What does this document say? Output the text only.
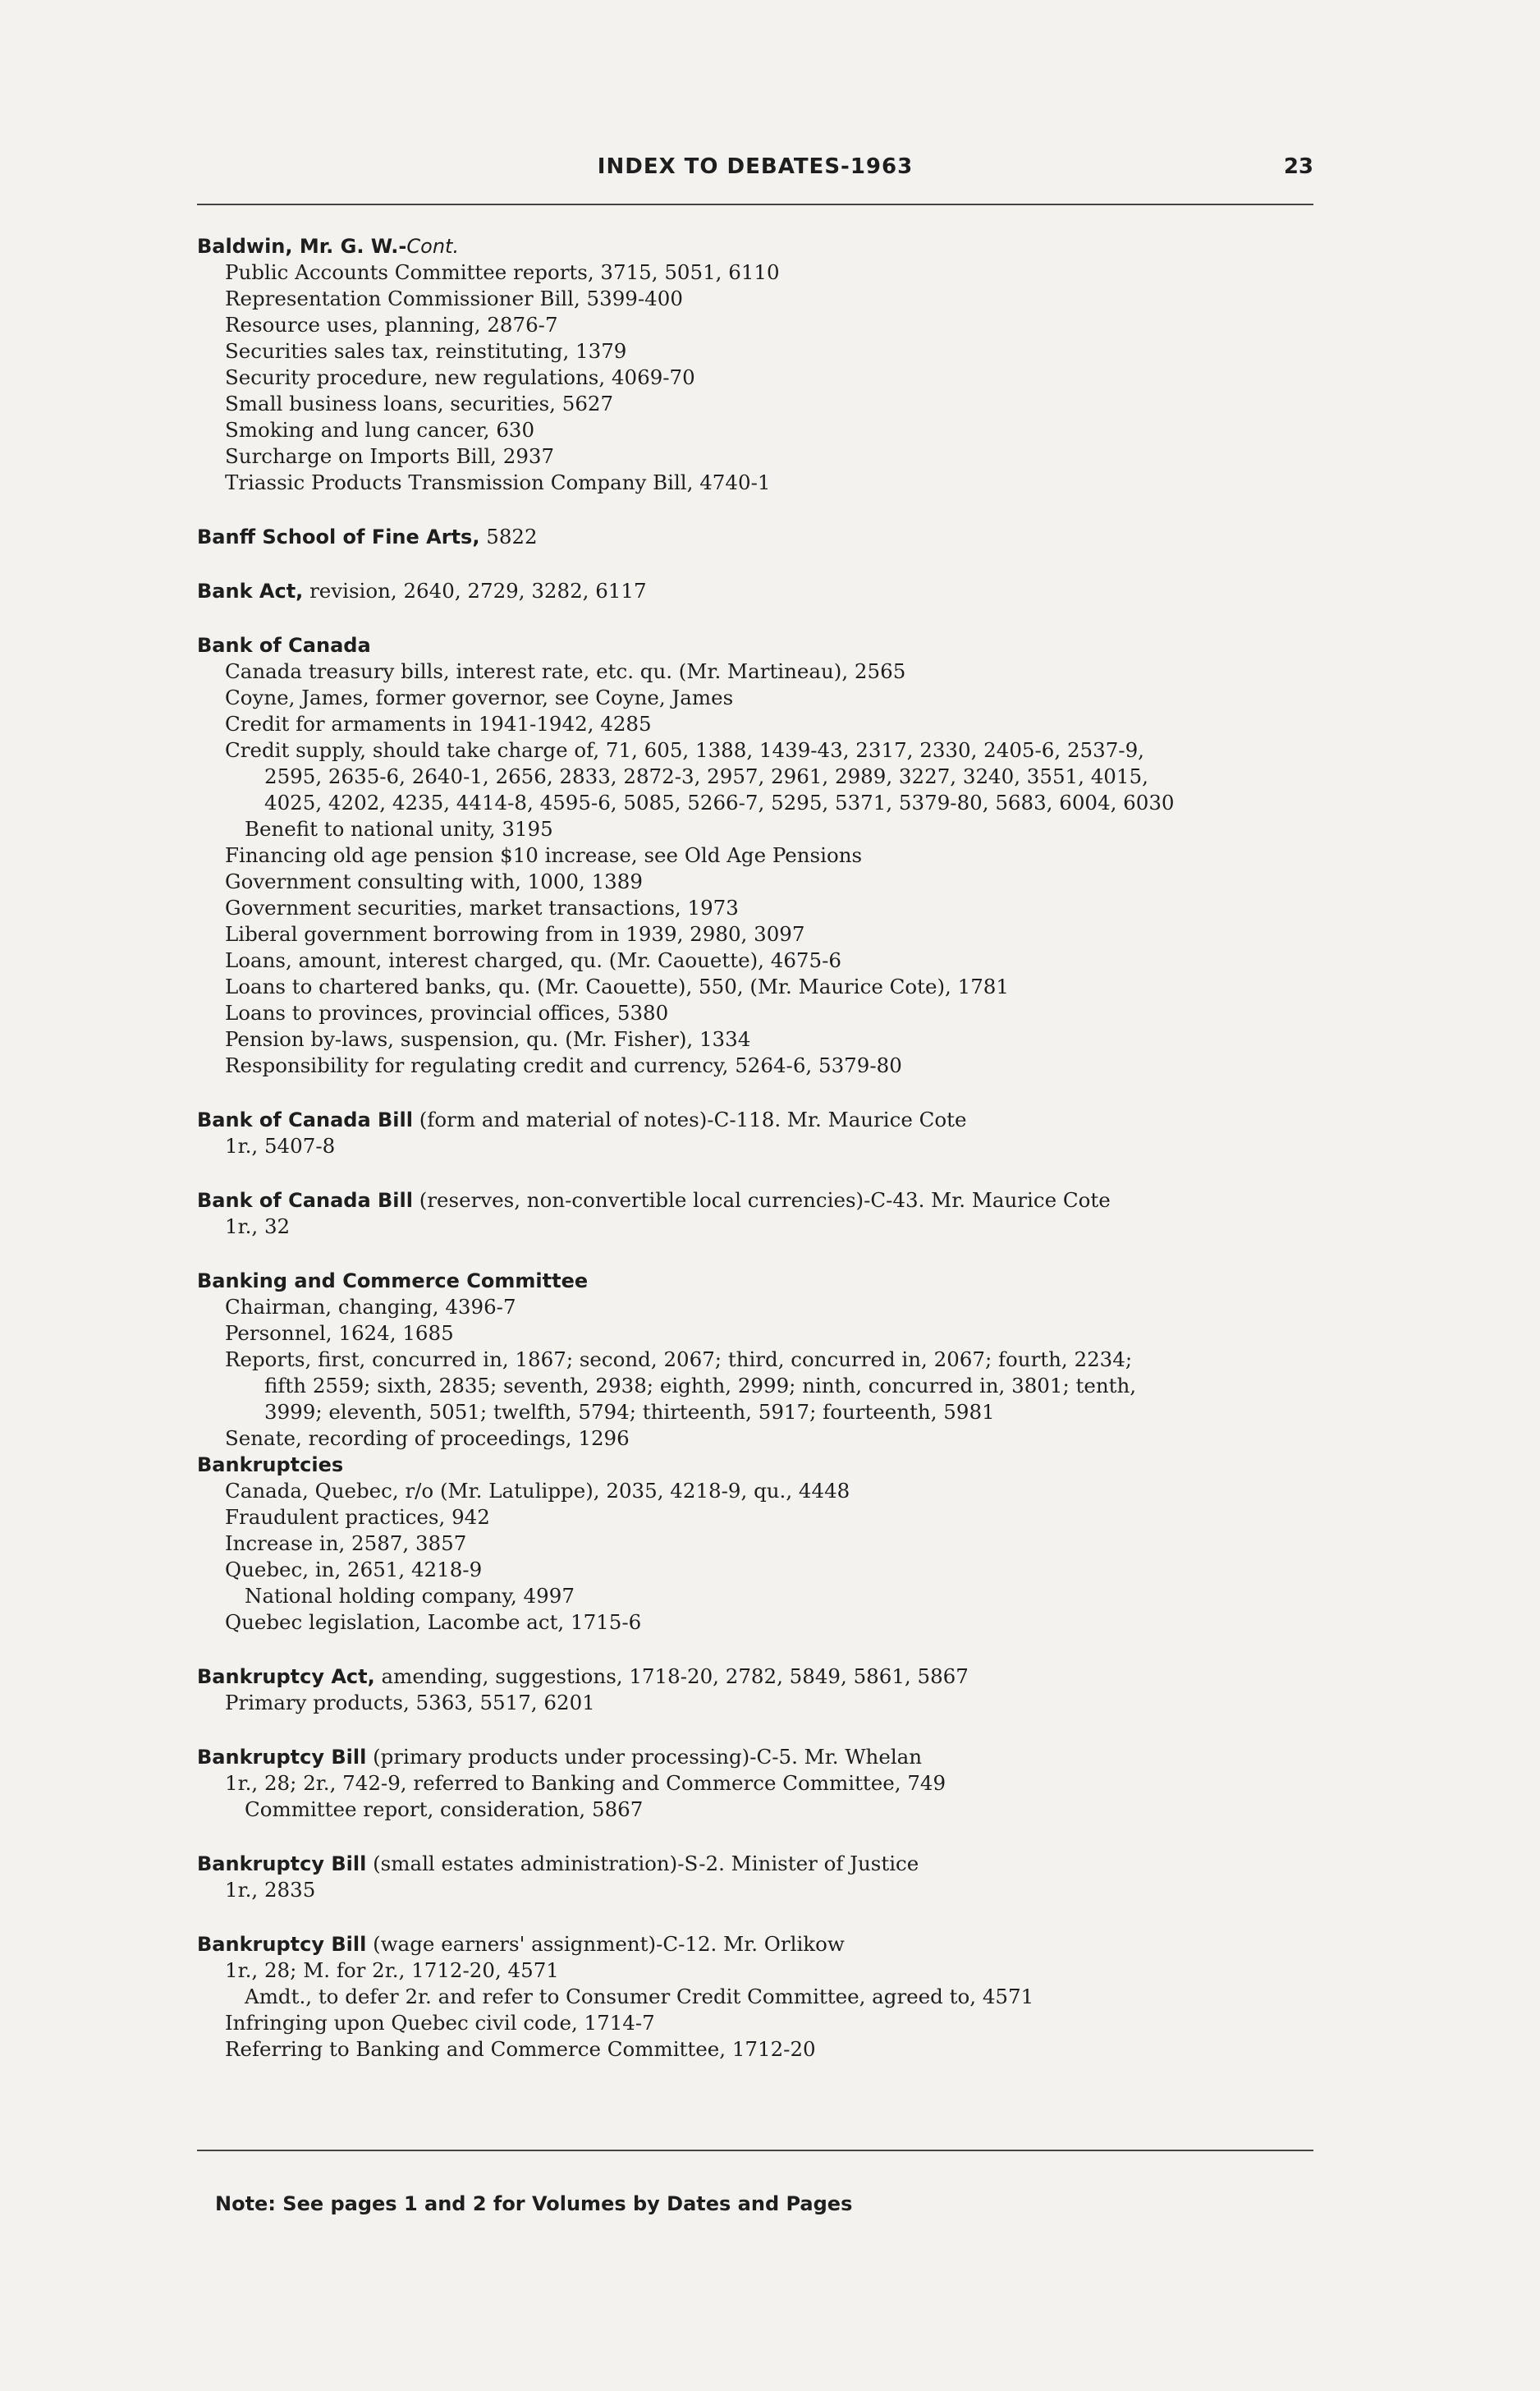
INDEX TO DEBATES-1963	23
Baldwin, Mr. G. W.-Cont.
Public Accounts Committee reports, 3715, 5051, 6110
Representation Commissioner Bill, 5399-400
Resource uses, planning, 2876-7
Securities sales tax, reinstituting, 1379
Security procedure, new regulations, 4069-70
Small business loans, securities, 5627
Smoking and lung cancer, 630
Surcharge on Imports Bill, 2937
Triassic Products Transmission Company Bill, 4740-1
Banff School of Fine Arts, 5822
Bank Act, revision, 2640, 2729, 3282, 6117
Bank of Canada
Canada treasury bills, interest rate, etc. qu. (Mr. Martineau), 2565
Coyne, James, former governor, see Coyne, James
Credit for armaments in 1941-1942, 4285
Credit supply, should take charge of, 71, 605, 1388, 1439-43, 2317, 2330, 2405-6, 2537-9,
2595, 2635-6, 2640-1, 2656, 2833, 2872-3, 2957, 2961, 2989, 3227, 3240, 3551, 4015,
4025, 4202, 4235, 4414-8, 4595-6, 5085, 5266-7, 5295, 5371, 5379-80, 5683, 6004, 6030
Benefit to national unity, 3195
Financing old age pension $10 increase, see Old Age Pensions
Government consulting with, 1000, 1389
Government securities, market transactions, 1973
Liberal government borrowing from in 1939, 2980, 3097
Loans, amount, interest charged, qu. (Mr. Caouette), 4675-6
Loans to chartered banks, qu. (Mr. Caouette), 550, (Mr. Maurice Cote), 1781
Loans to provinces, provincial offices, 5380
Pension by-laws, suspension, qu. (Mr. Fisher), 1334
Responsibility for regulating credit and currency, 5264-6, 5379-80
Bank of Canada Bill (form and material of notes)-C-118. Mr. Maurice Cote
1r., 5407-8
Bank of Canada Bill (reserves, non-convertible local currencies)-C-43. Mr. Maurice Cote
1r., 32
Banking and Commerce Committee
Chairman, changing, 4396-7
Personnel, 1624, 1685
Reports, first, concurred in, 1867; second, 2067; third, concurred in, 2067; fourth, 2234;
fifth 2559; sixth, 2835; seventh, 2938; eighth, 2999; ninth, concurred in, 3801; tenth,
3999; eleventh, 5051; twelfth, 5794; thirteenth, 5917; fourteenth, 5981
Senate, recording of proceedings, 1296
Bankruptcies
Canada, Quebec, r/o (Mr. Latulippe), 2035, 4218-9, qu., 4448
Fraudulent practices, 942
Increase in, 2587, 3857
Quebec, in, 2651, 4218-9
National holding company, 4997
Quebec legislation, Lacombe act, 1715-6
Bankruptcy Act, amending, suggestions, 1718-20, 2782, 5849, 5861, 5867
Primary products, 5363, 5517, 6201
Bankruptcy Bill (primary products under processing)-C-5. Mr. Whelan
1r., 28; 2r., 742-9, referred to Banking and Commerce Committee, 749
Committee report, consideration, 5867
Bankruptcy Bill (small estates administration)-S-2. Minister of Justice
1r., 2835
Bankruptcy Bill (wage earners' assignment)-C-12. Mr. Orlikow
1r., 28; M. for 2r., 1712-20, 4571
Amdt., to defer 2r. and refer to Consumer Credit Committee, agreed to, 4571
Infringing upon Quebec civil code, 1714-7
Referring to Banking and Commerce Committee, 1712-20
Note: See pages 1 and 2 for Volumes by Dates and Pages
